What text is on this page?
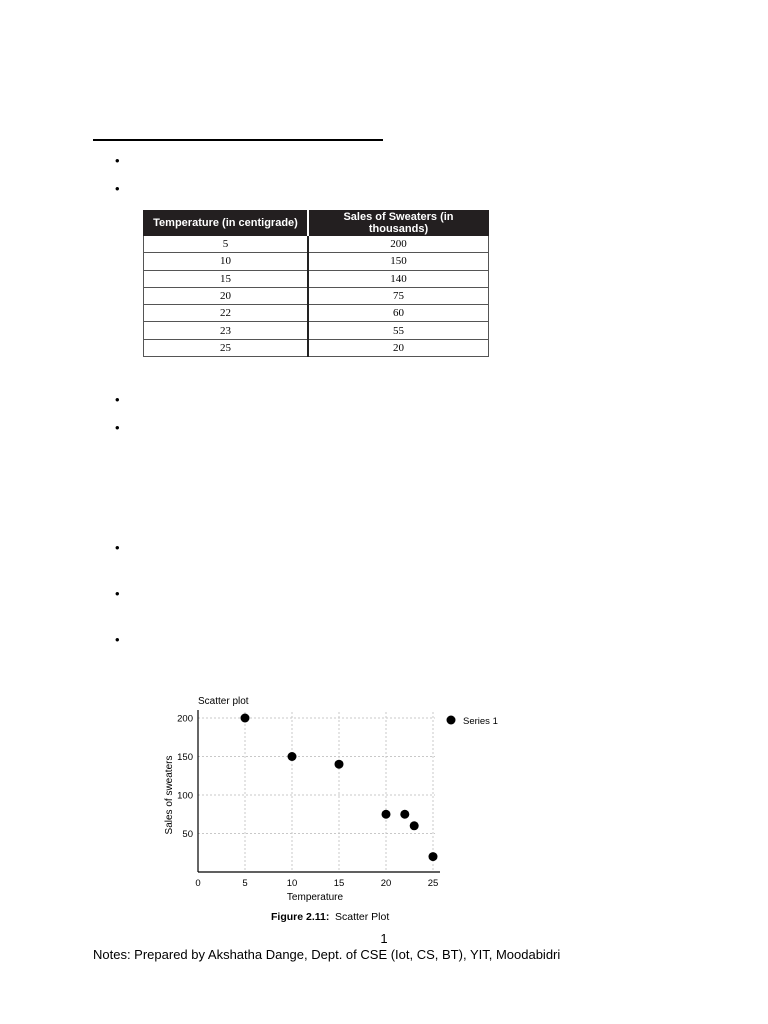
•
•
Temperature (in centigrade)	Sales of Sweaters (in thousands)
5	200
10	150
15	140
20	75
22	60
23	55
25	20
•
•
•
•
•
Scatter plot
Temperature
Sales of sweaters
0	5	10	15	20	25
50
100
150
200	Series 1
Figure 2.11: Scatter Plot
1
Notes: Prepared by Akshatha Dange, Dept. of CSE (Iot, CS, BT), YIT, Moodabidri
